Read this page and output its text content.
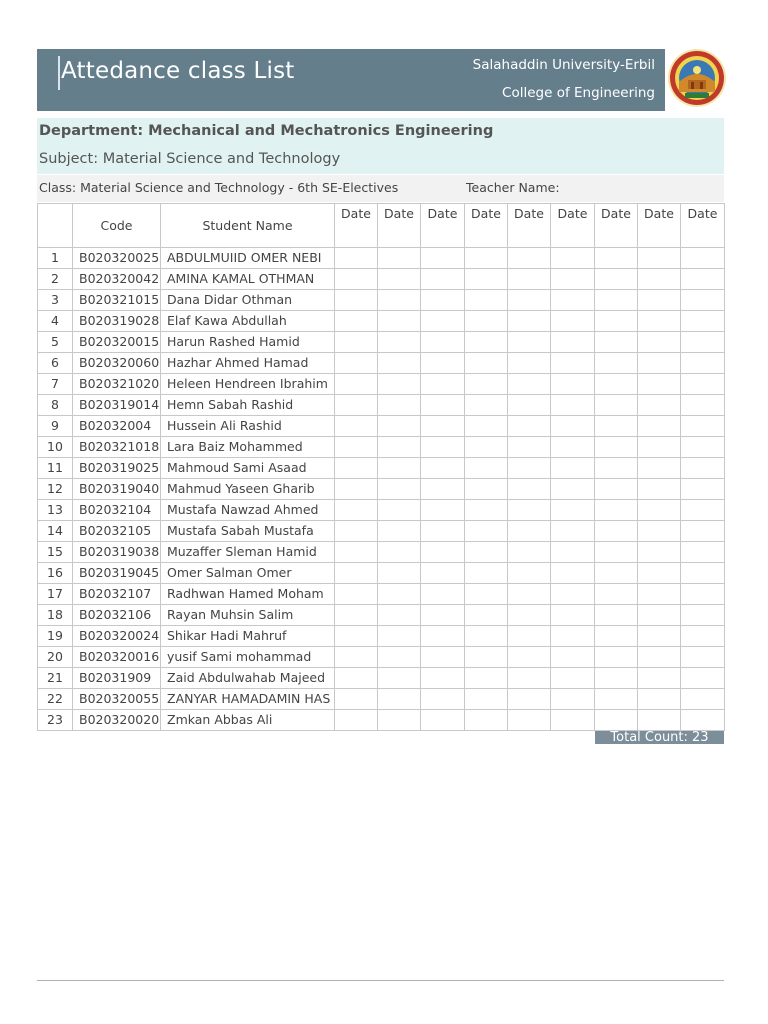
Attedance class List	Salahaddin University-Erbil
College of Engineering
Department: Mechanical and Mechatronics Engineering
Subject: Material Science and Technology
Class: Material Science and Technology - 6th SE-Electives	Teacher Name:
	Code	Student Name	Date	Date	Date	Date	Date	Date	Date	Date	Date
1	B020320025	ABDULMUIID OMER NEBI									
2	B020320042	AMINA KAMAL OTHMAN									
3	B020321015	Dana Didar Othman									
4	B020319028	Elaf Kawa Abdullah									
5	B020320015	Harun Rashed Hamid									
6	B020320060	Hazhar Ahmed Hamad									
7	B020321020	Heleen Hendreen Ibrahim									
8	B020319014	Hemn Sabah Rashid									
9	B02032004	Hussein Ali Rashid									
10	B020321018	Lara Baiz Mohammed									
11	B020319025	Mahmoud Sami Asaad									
12	B020319040	Mahmud Yaseen Gharib									
13	B02032104	Mustafa Nawzad Ahmed									
14	B02032105	Mustafa Sabah Mustafa									
15	B020319038	Muzaffer Sleman Hamid									
16	B020319045	Omer Salman Omer									
17	B02032107	Radhwan Hamed Moham									
18	B02032106	Rayan Muhsin Salim									
19	B020320024	Shikar Hadi Mahruf									
20	B020320016	yusif Sami mohammad									
21	B02031909	Zaid Abdulwahab Majeed									
22	B020320055	ZANYAR HAMADAMIN HAS									
23	B020320020	Zmkan Abbas Ali									
Total Count: 23
